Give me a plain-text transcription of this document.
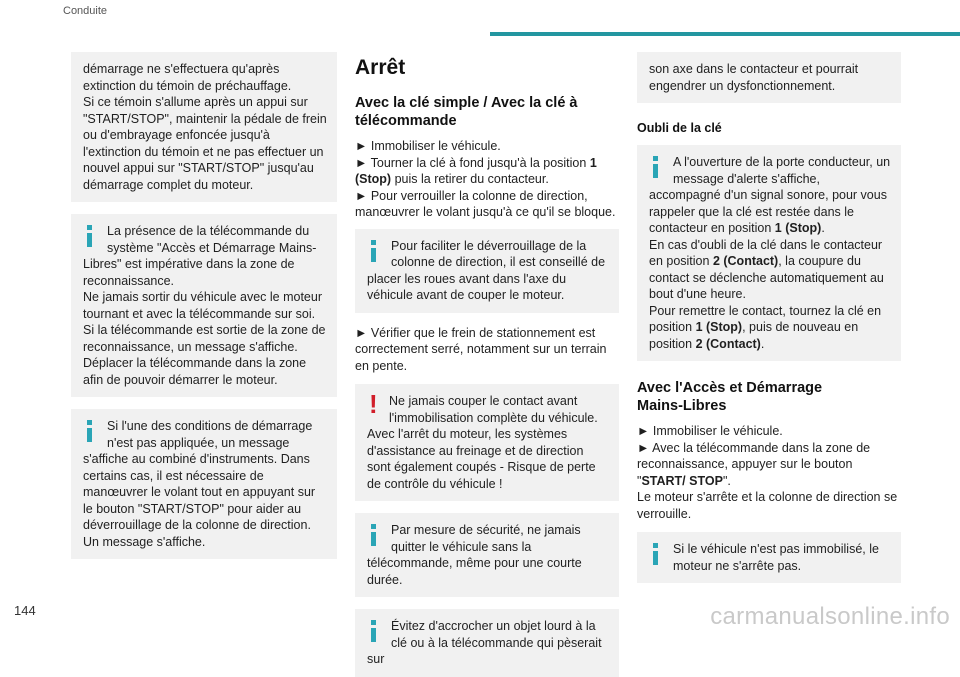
Conduite

démarrage ne s'effectuera qu'après extinction du témoin de préchauffage.

Si ce témoin s'allume après un appui sur "START/STOP", maintenir la pédale de frein ou d'embrayage enfoncée jusqu'à l'extinction du témoin et ne pas effectuer un nouvel appui sur "START/STOP" jusqu'au démarrage complet du moteur.

La présence de la télécommande du système "Accès et Démarrage Mains-Libres" est impérative dans la zone de reconnaissance.

Ne jamais sortir du véhicule avec le moteur tournant et avec la télécommande sur soi.

Si la télécommande est sortie de la zone de reconnaissance, un message s'affiche.

Déplacer la télécommande dans la zone afin de pouvoir démarrer le moteur.

Si l'une des conditions de démarrage n'est pas appliquée, un message s'affiche au combiné d'instruments. Dans certains cas, il est nécessaire de manœuvrer le volant tout en appuyant sur le bouton "START/STOP" pour aider au déverrouillage de la colonne de direction. Un message s'affiche.

Arrêt
Avec la clé simple / Avec la clé à télécommande

► Immobiliser le véhicule.

► Tourner la clé à fond jusqu'à la position 1 (Stop) puis la retirer du contacteur.

► Pour verrouiller la colonne de direction, manœuvrer le volant jusqu'à ce qu'il se bloque.

Pour faciliter le déverrouillage de la colonne de direction, il est conseillé de placer les roues avant dans l'axe du véhicule avant de couper le moteur.

► Vérifier que le frein de stationnement est correctement serré, notamment sur un terrain en pente.

! Ne jamais couper le contact avant l'immobilisation complète du véhicule.

Avec l'arrêt du moteur, les systèmes d'assistance au freinage et de direction sont également coupés - Risque de perte de contrôle du véhicule !

Par mesure de sécurité, ne jamais quitter le véhicule sans la télécommande, même pour une courte durée.

Évitez d'accrocher un objet lourd à la clé ou à la télécommande qui pèserait sur

son axe dans le contacteur et pourrait engendrer un dysfonctionnement.

Oubli de la clé

A l'ouverture de la porte conducteur, un message d'alerte s'affiche, accompagné d'un signal sonore, pour vous rappeler que la clé est restée dans le contacteur en position 1 (Stop).

En cas d'oubli de la clé dans le contacteur en position 2 (Contact), la coupure du contact se déclenche automatiquement au bout d'une heure.

Pour remettre le contact, tournez la clé en position 1 (Stop), puis de nouveau en position 2 (Contact).

Avec l'Accès et Démarrage Mains-Libres

► Immobiliser le véhicule.

► Avec la télécommande dans la zone de reconnaissance, appuyer sur le bouton "START/ STOP".

Le moteur s'arrête et la colonne de direction se verrouille.

Si le véhicule n'est pas immobilisé, le moteur ne s'arrête pas.

144	carmanualsonline.info
